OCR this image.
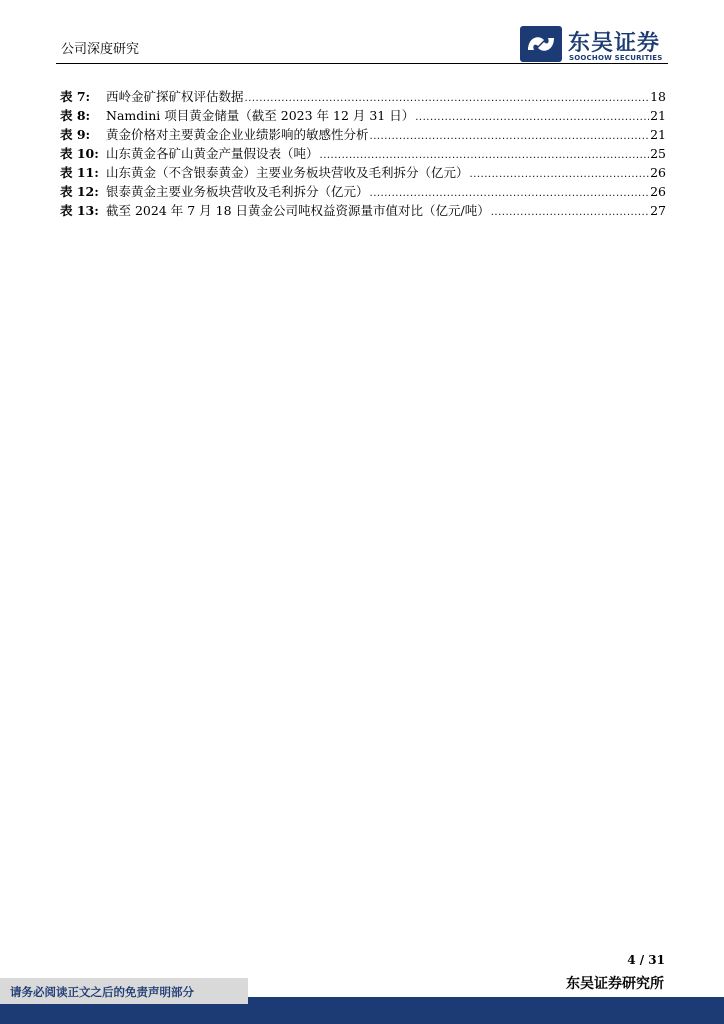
公司深度研究	东吴证券
SOOCHOW SECURITIES
表 7:	西岭金矿探矿权评估数据 .....	18
表 8:	Namdini 项目黄金储量（截至 2023 年 12 月 31 日） .....	21
表 9:	黄金价格对主要黄金企业业绩影响的敏感性分析 .....	21
表 10: 山东黄金各矿山黄金产量假设表（吨） .....	25
表 11: 山东黄金（不含银泰黄金）主要业务板块营收及毛利拆分（亿元） .....	26
表 12: 银泰黄金主要业务板块营收及毛利拆分（亿元） .....	26
表 13: 截至 2024 年 7 月 18 日黄金公司吨权益资源量市值对比（亿元/吨） .....	27
4 / 31
东吴证券研究所
请务必阅读正文之后的免责声明部分
